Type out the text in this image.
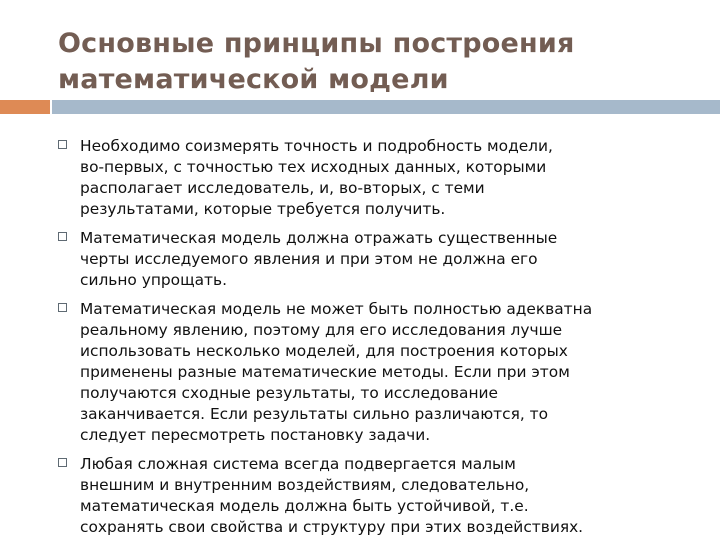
Основные принципы построения
математической модели
Необходимо соизмерять точность и подробность модели,
во-первых, с точностью тех исходных данных, которыми
располагает исследователь, и, во-вторых, с теми
результатами, которые требуется получить.
Математическая модель должна отражать существенные
черты исследуемого явления и при этом не должна его
сильно упрощать.
Математическая модель не может быть полностью адекватна
реальному явлению, поэтому для его исследования лучше
использовать несколько моделей, для построения которых
применены разные математические методы. Если при этом
получаются сходные результаты, то исследование
заканчивается. Если результаты сильно различаются, то
следует пересмотреть постановку задачи.
Любая сложная система всегда подвергается малым
внешним и внутренним воздействиям, следовательно,
математическая модель должна быть устойчивой, т.е.
сохранять свои свойства и структуру при этих воздействиях.
